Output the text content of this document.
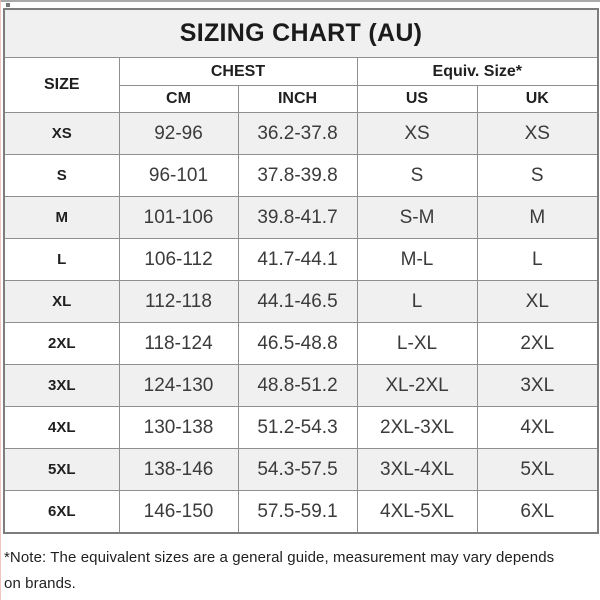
SIZING CHART (AU)				
SIZE	CHEST		Equiv. Size*	
	CM	INCH	US	UK
XS	92-96	36.2-37.8	XS	XS
S	96-101	37.8-39.8	S	S
M	101-106	39.8-41.7	S-M	M
L	106-112	41.7-44.1	M-L	L
XL	112-118	44.1-46.5	L	XL
2XL	118-124	46.5-48.8	L-XL	2XL
3XL	124-130	48.8-51.2	XL-2XL	3XL
4XL	130-138	51.2-54.3	2XL-3XL	4XL
5XL	138-146	54.3-57.5	3XL-4XL	5XL
6XL	146-150	57.5-59.1	4XL-5XL	6XL
*Note: The equivalent sizes are a general guide, measurement may vary depends
on brands.
